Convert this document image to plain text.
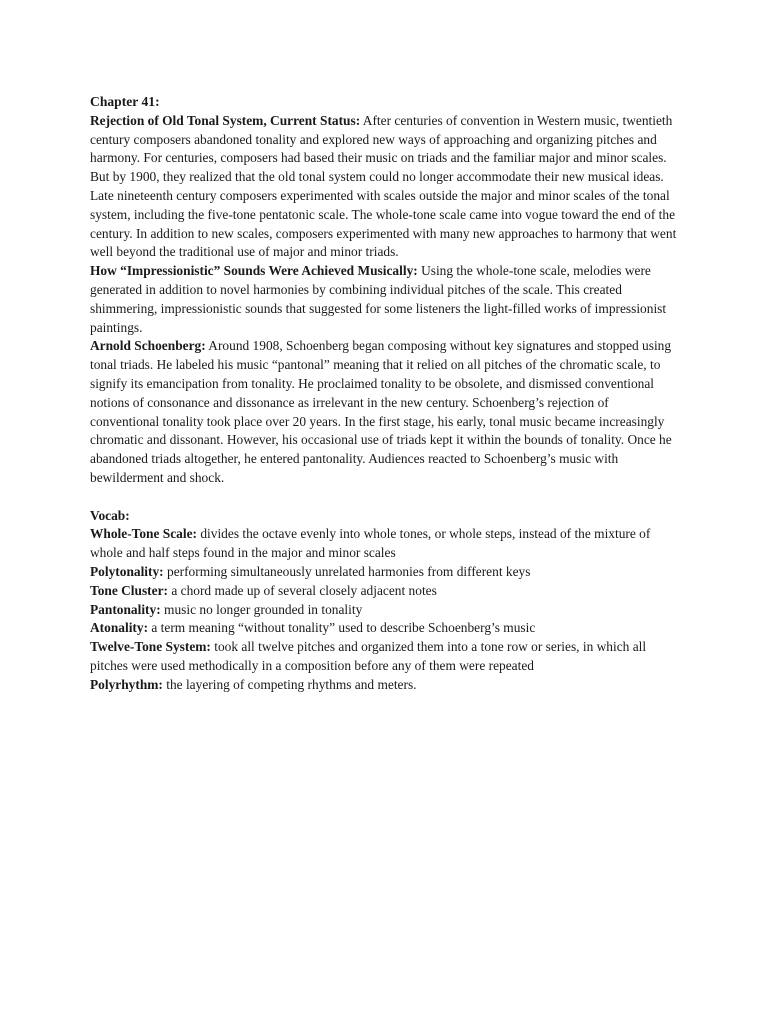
Chapter 41:

Rejection of Old Tonal System, Current Status: After centuries of convention in Western music, twentieth century composers abandoned tonality and explored new ways of approaching and organizing pitches and harmony. For centuries, composers had based their music on triads and the familiar major and minor scales. But by 1900, they realized that the old tonal system could no longer accommodate their new musical ideas. Late nineteenth century composers experimented with scales outside the major and minor scales of the tonal system, including the five-tone pentatonic scale. The whole-tone scale came into vogue toward the end of the century. In addition to new scales, composers experimented with many new approaches to harmony that went well beyond the traditional use of major and minor triads.

How “Impressionistic” Sounds Were Achieved Musically: Using the whole-tone scale, melodies were generated in addition to novel harmonies by combining individual pitches of the scale. This created shimmering, impressionistic sounds that suggested for some listeners the light-filled works of impressionist paintings.

Arnold Schoenberg: Around 1908, Schoenberg began composing without key signatures and stopped using tonal triads. He labeled his music “pantonal” meaning that it relied on all pitches of the chromatic scale, to signify its emancipation from tonality. He proclaimed tonality to be obsolete, and dismissed conventional notions of consonance and dissonance as irrelevant in the new century. Schoenberg’s rejection of conventional tonality took place over 20 years. In the first stage, his early, tonal music became increasingly chromatic and dissonant. However, his occasional use of triads kept it within the bounds of tonality. Once he abandoned triads altogether, he entered pantonality. Audiences reacted to Schoenberg’s music with bewilderment and shock.

Vocab:

Whole-Tone Scale: divides the octave evenly into whole tones, or whole steps, instead of the mixture of whole and half steps found in the major and minor scales

Polytonality: performing simultaneously unrelated harmonies from different keys

Tone Cluster: a chord made up of several closely adjacent notes

Pantonality: music no longer grounded in tonality

Atonality: a term meaning “without tonality” used to describe Schoenberg’s music

Twelve-Tone System: took all twelve pitches and organized them into a tone row or series, in which all pitches were used methodically in a composition before any of them were repeated

Polyrhythm: the layering of competing rhythms and meters.
